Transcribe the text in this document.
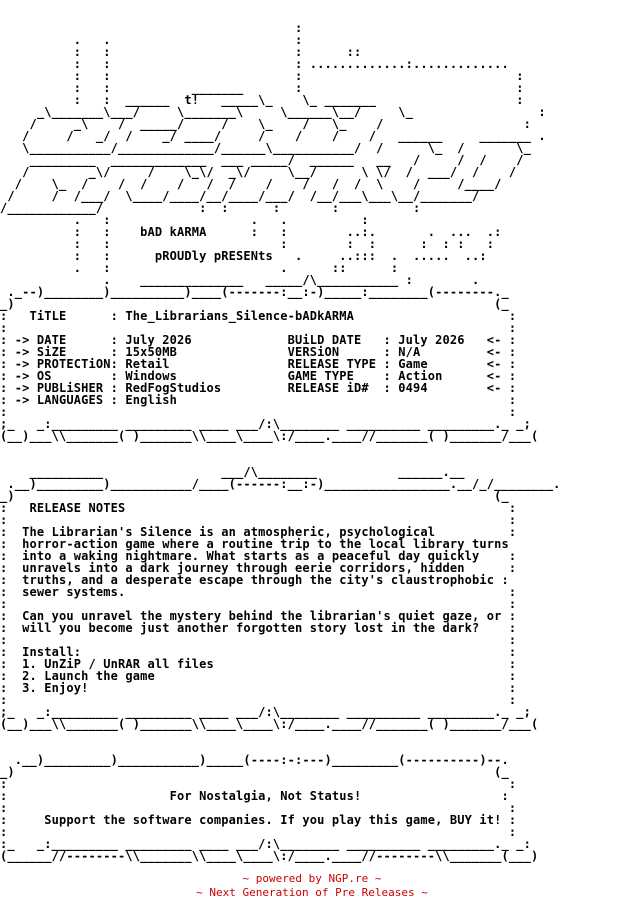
:
.   .                         :
:   :                         :      ::
:   :                         : .............:.............
:   :                         :                             :
:   :           _______       :                             :
:   :  ______  t!   _____\_    \_ _______                   :
_\_______\___/     \_______\     \______\__/     \_                 :
/     _\    /  _____/     /    \_    /   \_    /                   :
/     /   _/  /    _/ ____/     /    /    /    /   ______     _______ .
\___________/_____________/______\___________/  /      \_  /       \_
_________  _____________  ___ _____/  ______   __   /     /  /    /
/        _\/     /    \_\/  _\/     \__/      \ \/  /  ___/  /    /
/    \_  /    /  /    /   /  /    /    /   /  /  \    /     /____/
/     /  /___/  \____/____/__/____/___/  /__/___\___\__/_______/
/____________/             :  :      :       :          :
.   :                   .   .          :
:   :    bAD kARMA      :   :        ..:.       .  ...  .:
:   :                       :        :  :      :  : :   :
:   :      pROUDly pRESENts   .     ..:::  .  .....  ..:
.   :                       .      ::      :
.    ______________   _____/\___________ :        .
._--)________)__________)____(-------:__:-)_____:________(--------._
_)                                                                 (_
:   TiTLE      : The_Librarians_Silence-bADkARMA                     :
:                                                                    :
: -> DATE      : July 2026             BUiLD DATE   : July 2026   <- :
: -> SiZE      : 15x50MB               VERSiON      : N/A         <- :
: -> PROTECTiON: Retail                RELEASE TYPE : Game        <- :
: -> OS        : Windows               GAME TYPE    : Action      <- :
: -> PUBLiSHER : RedFogStudios         RELEASE iD#  : 0494        <- :
: -> LANGUAGES : English                                             :
:                                                                    :
;_   _:_________ _________ ____ ___/:\________ __________ _________._ _;
(__)___\\_______( )_______\\____\____\:/____.____//_______( )_______/___(

__________                ___/\________           ______.__
.__)_________)___________/____(------:__:-)_________________.__/_/________.
_)                                                                 (_
:   RELEASE NOTES                                                    :
:                                                                    :
:  The Librarian's Silence is an atmospheric, psychological          :
:  horror-action game where a routine trip to the local library turns
:  into a waking nightmare. What starts as a peaceful day quickly    :
:  unravels into a dark journey through eerie corridors, hidden      :
:  truths, and a desperate escape through the city's claustrophobic :
:  sewer systems.                                                    :
:                                                                    :
:  Can you unravel the mystery behind the librarian's quiet gaze, or :
:  will you become just another forgotten story lost in the dark?    :
:                                                                    :
:  Install:                                                          :
:  1. UnZiP / UnRAR all files                                        :
:  2. Launch the game                                                :
:  3. Enjoy!                                                         :
:                                                                    :
;_   _:_________ _________ ____ ___/:\________ __________ _________._ _;
(__)___\\_______( )_______\\____\____\:/____.____//_______( )_______/___(

.__)_________)___________)_____(----:-:---)_________(----------)--.
_)                                                                 (_
:                                                                    :
:                      For Nostalgia, Not Status!                   :
:                                                                    :
:     Support the software companies. If you play this game, BUY it! :
:                                                                    :
:_   _:_________ _________ ____ ___/:\________ __________ _________._ _:
(______//--------\\_______\\____\____\:/____.____//--------\\_______(___)
~ powered by NGP.re ~
~ Next Generation of Pre Releases ~
